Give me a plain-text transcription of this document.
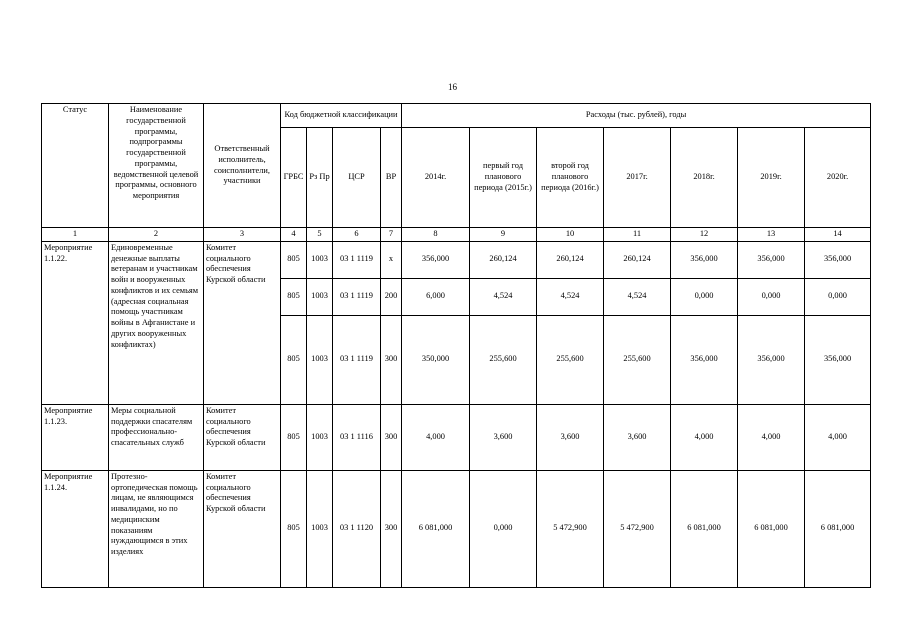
16
Статус	Наименование государственной программы, подпрограммы государственной программы, ведомственной целевой программы, основного мероприятия	Ответственный исполнитель, соисполнители, участники	Код бюджетной классификации				Расходы (тыс. рублей), годы						
			ГРБС	Рз Пр	ЦСР	ВР	2014г.	первый год планового периода (2015г.)	второй год планового периода (2016г.)	2017г.	2018г.	2019г.	2020г.
1	2	3	4	5	6	7	8	9	10	11	12	13	14
Мероприятие 1.1.22.	Единовременные денежные выплаты ветеранам и участникам войн и вооруженных конфликтов и их семьям (адресная социальная помощь участникам войны в Афганистане и других вооруженных конфликтах)	Комитет социального обеспечения Курской области	805	1003	03 1 1119	х	356,000	260,124	260,124	260,124	356,000	356,000	356,000
			805	1003	03 1 1119	200	6,000	4,524	4,524	4,524	0,000	0,000	0,000
			805	1003	03 1 1119	300	350,000	255,600	255,600	255,600	356,000	356,000	356,000
Мероприятие 1.1.23.	Меры социальной поддержки спасателям профессионально-спасательных служб	Комитет социального обеспечения Курской области	805	1003	03 1 1116	300	4,000	3,600	3,600	3,600	4,000	4,000	4,000
Мероприятие 1.1.24.	Протезно-ортопедическая помощь лицам, не являющимся инвалидами, но по медицинским показаниям нуждающимся в этих изделиях	Комитет социального обеспечения Курской области	805	1003	03 1 1120	300	6 081,000	0,000	5 472,900	5 472,900	6 081,000	6 081,000	6 081,000
